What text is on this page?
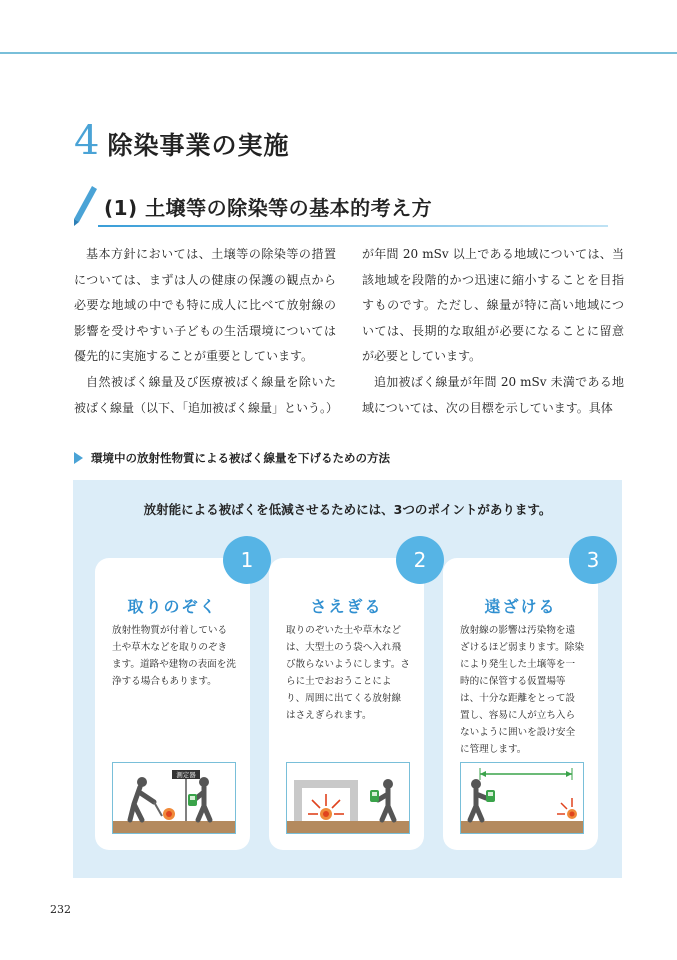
4 除染事業の実施
(1) 土壌等の除染等の基本的考え方

基本方針においては、土壌等の除染等の措置については、まずは人の健康の保護の観点から必要な地域の中でも特に成人に比べて放射線の影響を受けやすい子どもの生活環境については優先的に実施することが重要としています。

自然被ばく線量及び医療被ばく線量を除いた被ばく線量（以下、「追加被ばく線量」という。）

が年間 20 mSv 以上である地域については、当該地域を段階的かつ迅速に縮小することを目指すものです。ただし、線量が特に高い地域については、長期的な取組が必要になることに留意が必要としています。

追加被ばく線量が年間 20 mSv 未満である地域については、次の目標を示しています。具体

環境中の放射性物質による被ばく線量を下げるための方法
放射能による被ばくを低減させるためには、3つのポイントがあります。
取りのぞく
放射性物質が付着している土や草木などを取りのぞきます。道路や建物の表面を洗浄する場合もあります。
測定器
さえぎる
取りのぞいた土や草木などは、大型土のう袋へ入れ飛び散らないようにします。さらに土でおおうことにより、周囲に出てくる放射線はさえぎられます。
遠ざける
放射線の影響は汚染物を遠ざけるほど弱まります。除染により発生した土壌等を一時的に保管する仮置場等は、十分な距離をとって設置し、容易に人が立ち入らないように囲いを設け安全に管理します。
1	2	3
232
